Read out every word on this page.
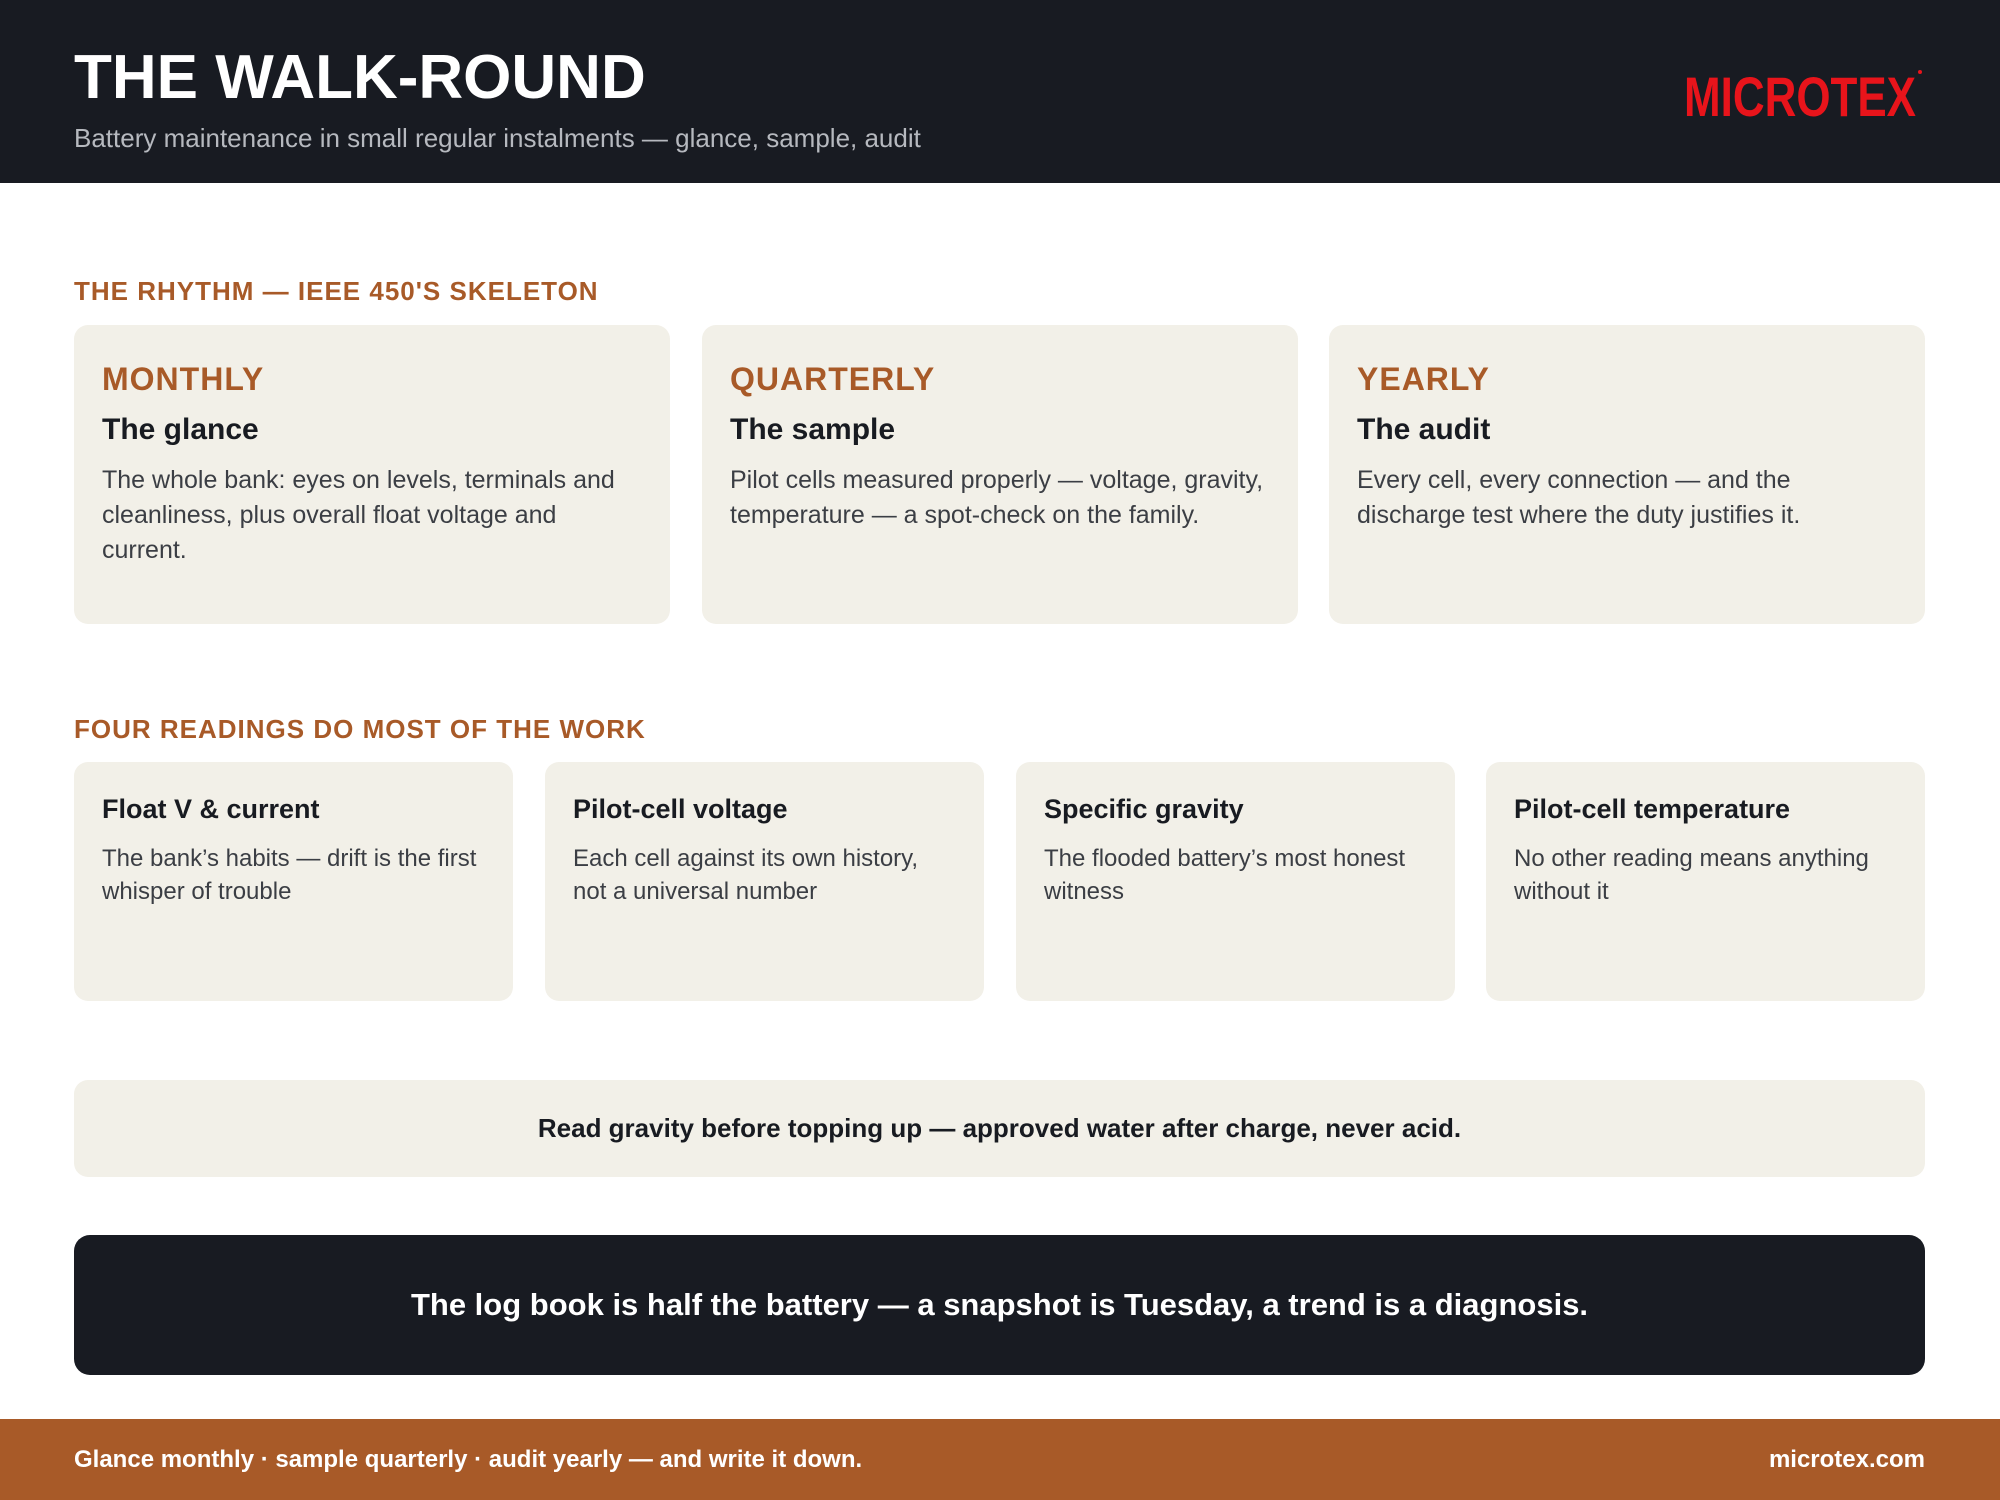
THE WALK-ROUND
Battery maintenance in small regular instalments — glance, sample, audit
MICROTEX
THE RHYTHM — IEEE 450'S SKELETON
MONTHLY
The glance
The whole bank: eyes on levels, terminals and cleanliness, plus overall float voltage and current.
QUARTERLY
The sample
Pilot cells measured properly — voltage, gravity, temperature — a spot-check on the family.
YEARLY
The audit
Every cell, every connection — and the discharge test where the duty justifies it.
FOUR READINGS DO MOST OF THE WORK
Float V & current
The bank’s habits — drift is the first whisper of trouble
Pilot-cell voltage
Each cell against its own history, not a universal number
Specific gravity
The flooded battery’s most honest witness
Pilot-cell temperature
No other reading means anything without it
Read gravity before topping up — approved water after charge, never acid.
The log book is half the battery — a snapshot is Tuesday, a trend is a diagnosis.
Glance monthly · sample quarterly · audit yearly — and write it down.	microtex.com
